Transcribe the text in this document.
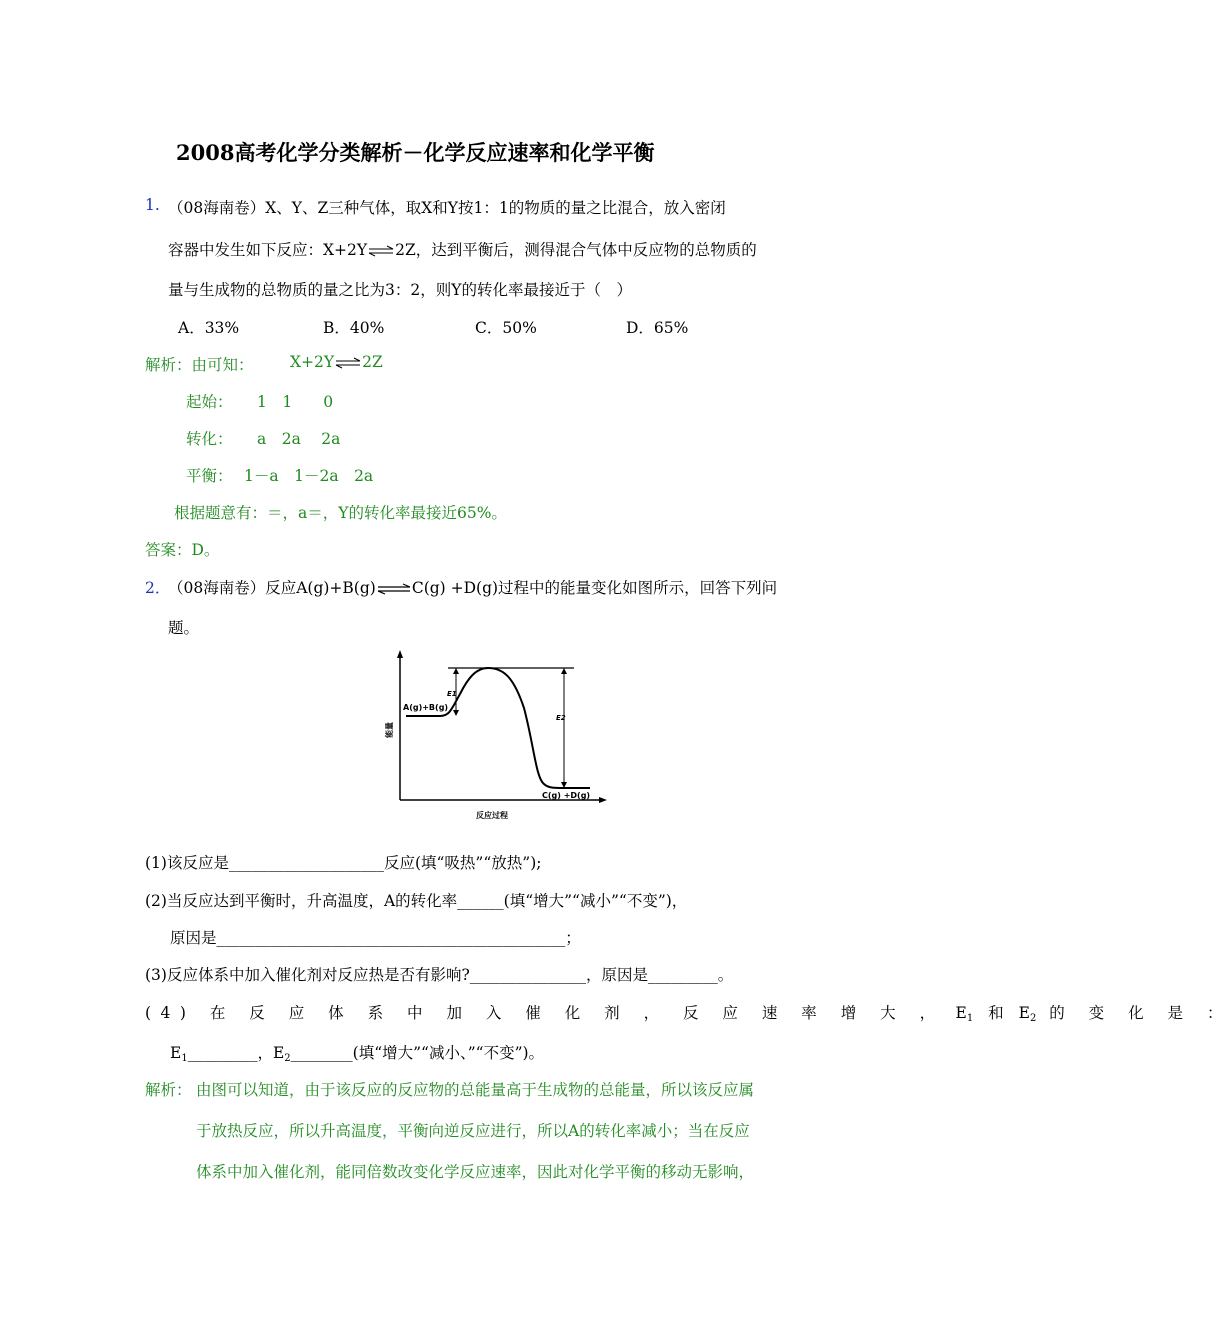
2008高考化学分类解析－化学反应速率和化学平衡
1. （08海南卷）X、Y、Z三种气体，取X和Y按1：1的物质的量之比混合，放入密闭
容器中发生如下反应：X+2Y⇌2Z，达到平衡后，测得混合气体中反应物的总物质的
量与生成物的总物质的量之比为3：2，则Y的转化率最接近于（　）
A．33%	B．40%	C．50%	D．65%
解析：由可知： X+2Y⇌2Z
起始： 1　1　　0
转化： a　2a　 2a
平衡： 1－a　1－2a　2a
根据题意有：＝，a＝，Y的转化率最接近65%。
答案：D。
2．
（08海南卷）反应A(g)+B(g)⇌C(g) +D(g)过程中的能量变化如图所示，回答下列问
题。
能量
反应过程
E1
E2
A(g)+B(g)
C(g) +D(g)
(1)该反应是____________________反应(填“吸热”“放热”);
(2)当反应达到平衡时，升高温度，A的转化率______(填“增大”“减小”“不变”)，
原因是_____________________________________________；
(3)反应体系中加入催化剂对反应热是否有影响?_______________，原因是_________。
(4) 在 反 应 体 系 中 加 入 催 化 剂 ， 反 应 速 率 增 大 ， $E_1$ 和 $E_2$ 的 变 化 是 ：
$E_1\_\_\_\_\_\_\_\_\_$，$E_2\_\_\_\_\_\_\_\_$(填“增大”“减小、”“不变”)。
解析： 由图可以知道，由于该反应的反应物的总能量高于生成物的总能量，所以该反应属
于放热反应，所以升高温度，平衡向逆反应进行，所以A的转化率减小；当在反应
体系中加入催化剂，能同倍数改变化学反应速率，因此对化学平衡的移动无影响，
